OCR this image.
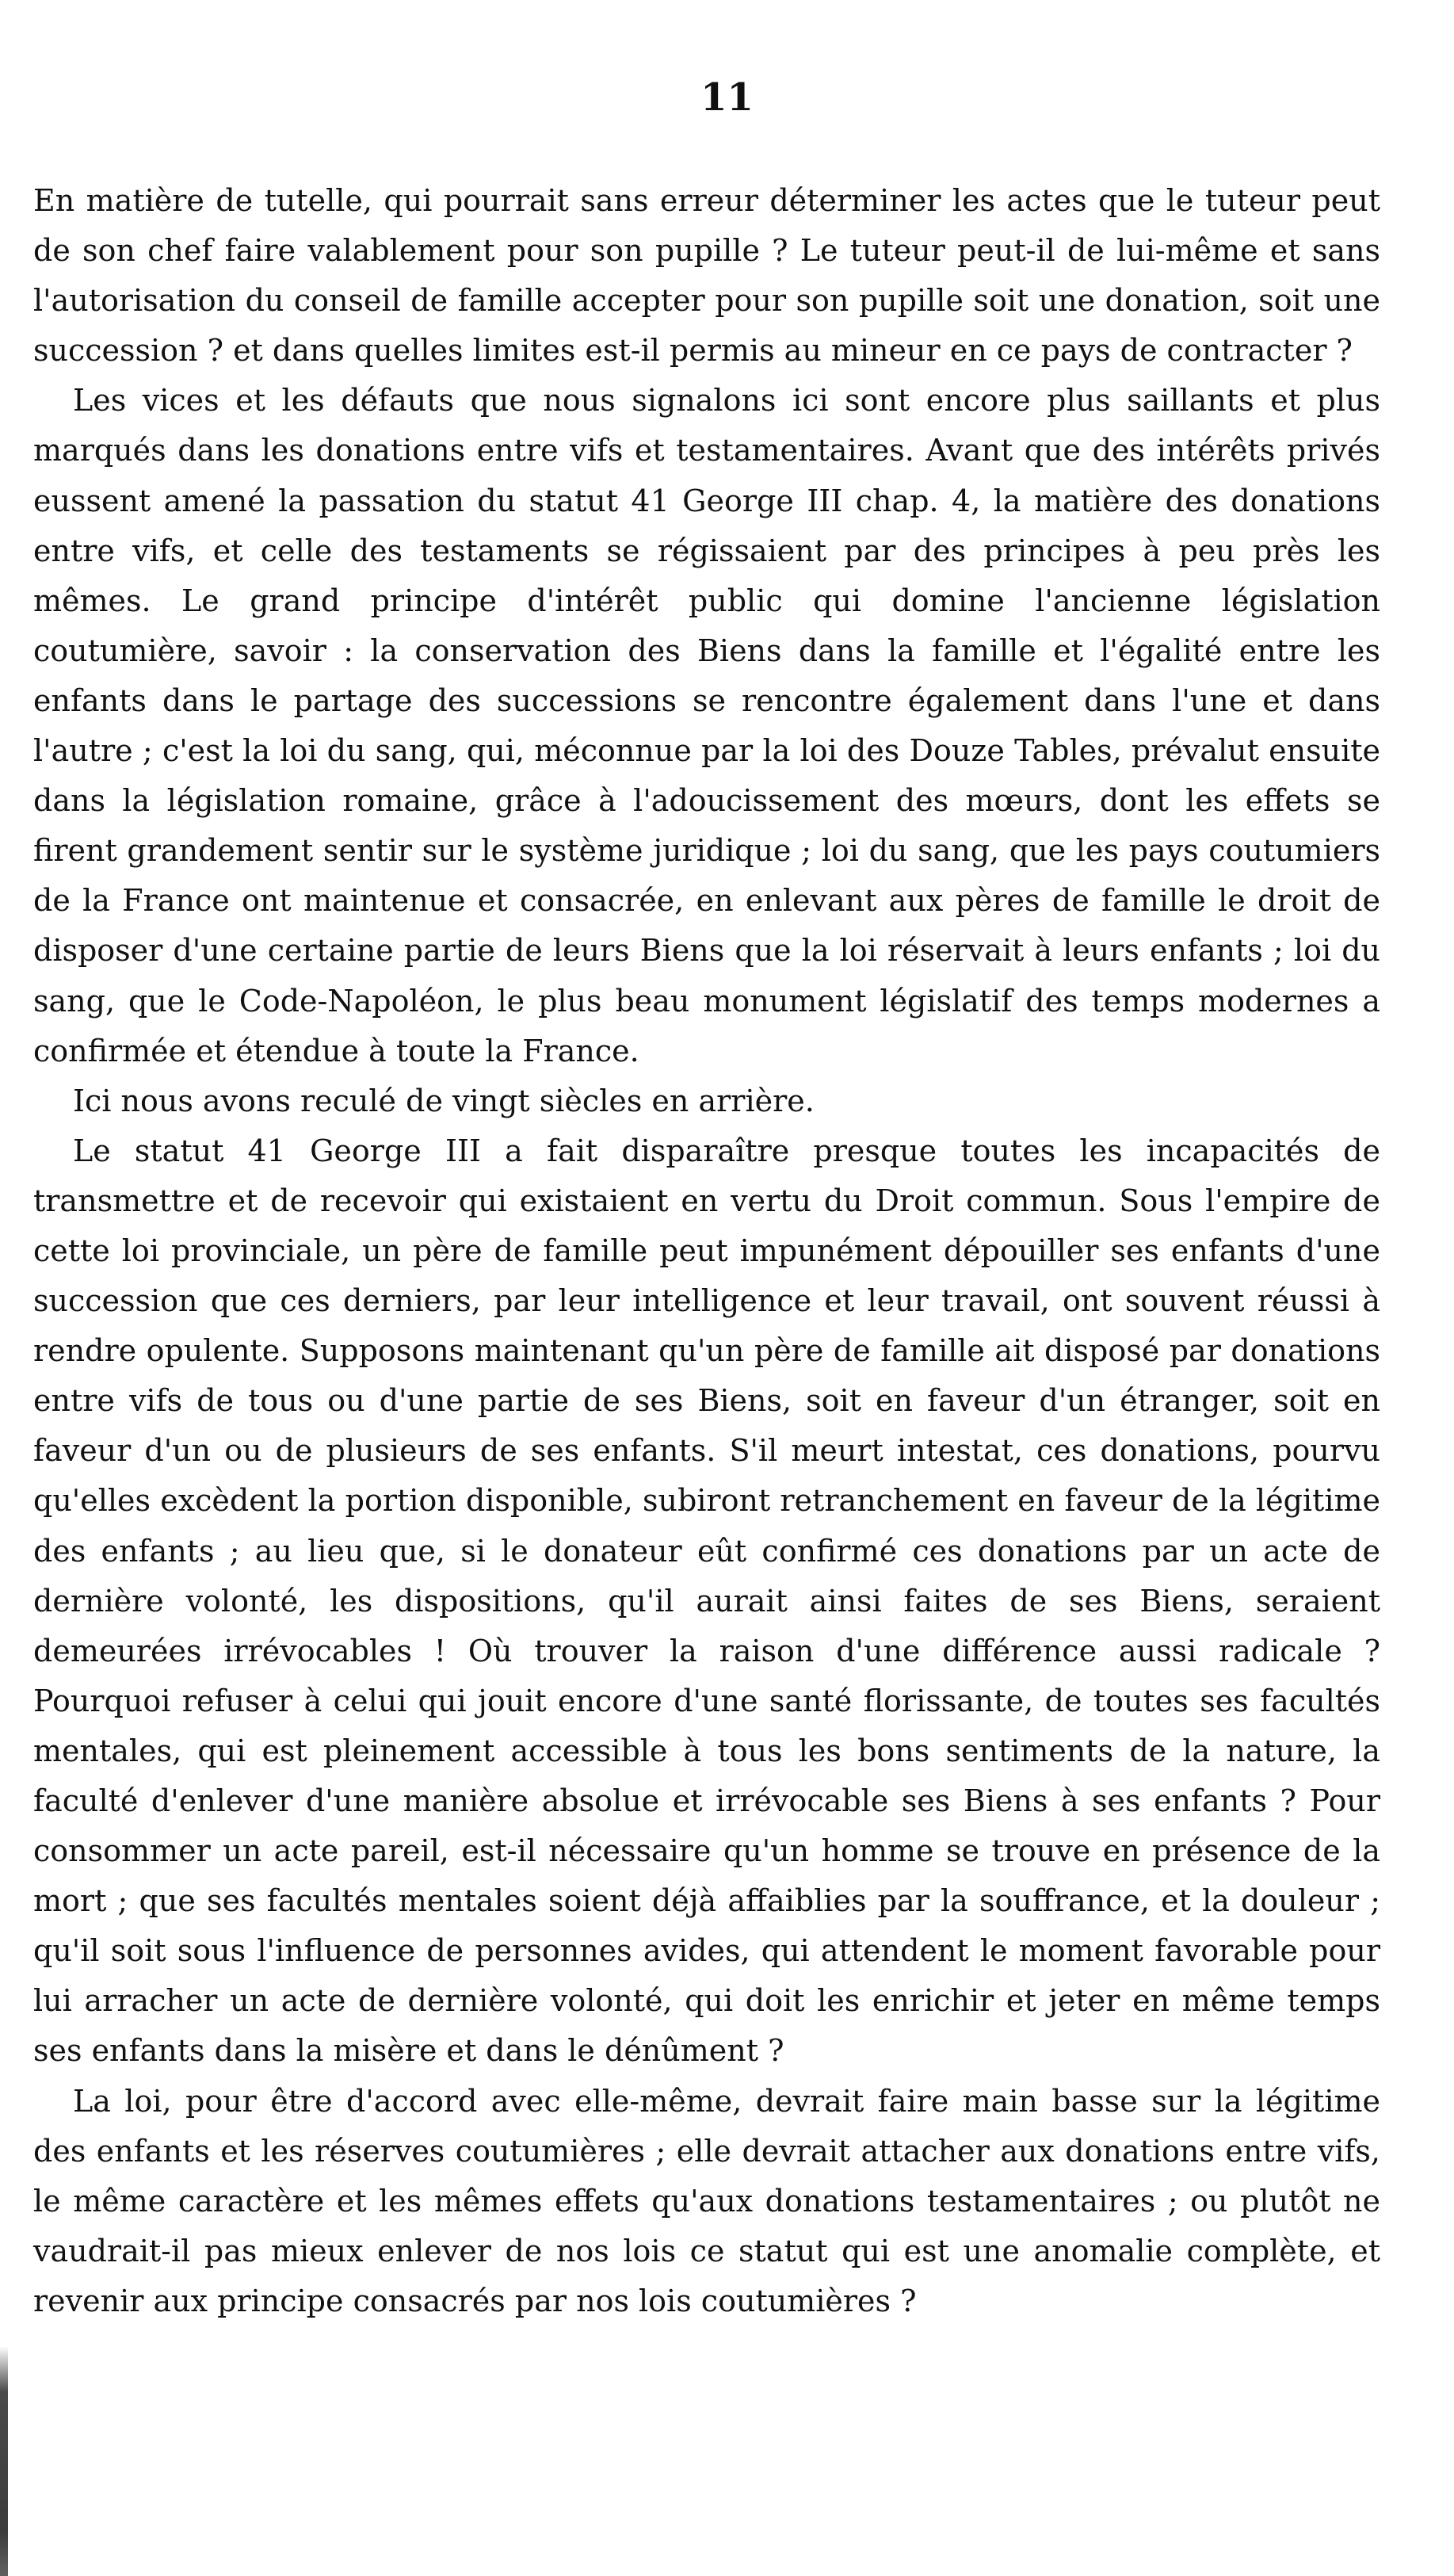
11

En matière de tutelle, qui pourrait sans erreur déterminer les actes que le tuteur peut de son chef faire valablement pour son pupille ? Le tuteur peut-il de lui-même et sans l'autorisation du conseil de famille accepter pour son pupille soit une donation, soit une succession ? et dans quelles limites est-il permis au mineur en ce pays de contracter ?

Les vices et les défauts que nous signalons ici sont encore plus saillants et plus marqués dans les donations entre vifs et testamentaires. Avant que des intérêts privés eussent amené la passation du statut 41 George III chap. 4, la matière des donations entre vifs, et celle des testaments se régissaient par des principes à peu près les mêmes. Le grand principe d'intérêt public qui domine l'ancienne législation coutumière, savoir : la conservation des Biens dans la famille et l'égalité entre les enfants dans le partage des successions se rencontre également dans l'une et dans l'autre ; c'est la loi du sang, qui, méconnue par la loi des Douze Tables, prévalut ensuite dans la législation romaine, grâce à l'adoucissement des mœurs, dont les effets se firent grandement sentir sur le système juridique ; loi du sang, que les pays coutumiers de la France ont maintenue et consacrée, en enlevant aux pères de famille le droit de disposer d'une certaine partie de leurs Biens que la loi réservait à leurs enfants ; loi du sang, que le Code-Napoléon, le plus beau monument législatif des temps modernes a confirmée et étendue à toute la France.

Ici nous avons reculé de vingt siècles en arrière.

Le statut 41 George III a fait disparaître presque toutes les incapacités de transmettre et de recevoir qui existaient en vertu du Droit commun. Sous l'empire de cette loi provinciale, un père de famille peut impunément dépouiller ses enfants d'une succession que ces derniers, par leur intelligence et leur travail, ont souvent réussi à rendre opulente. Supposons maintenant qu'un père de famille ait disposé par donations entre vifs de tous ou d'une partie de ses Biens, soit en faveur d'un étranger, soit en faveur d'un ou de plusieurs de ses enfants. S'il meurt intestat, ces donations, pourvu qu'elles excèdent la portion disponible, subiront retranchement en faveur de la légitime des enfants ; au lieu que, si le donateur eût confirmé ces donations par un acte de dernière volonté, les dispositions, qu'il aurait ainsi faites de ses Biens, seraient demeurées irrévocables ! Où trouver la raison d'une différence aussi radicale ? Pourquoi refuser à celui qui jouit encore d'une santé florissante, de toutes ses facultés mentales, qui est pleinement accessible à tous les bons sentiments de la nature, la faculté d'enlever d'une manière absolue et irrévocable ses Biens à ses enfants ? Pour consommer un acte pareil, est-il nécessaire qu'un homme se trouve en présence de la mort ; que ses facultés mentales soient déjà affaiblies par la souffrance, et la douleur ; qu'il soit sous l'influence de personnes avides, qui attendent le moment favorable pour lui arracher un acte de dernière volonté, qui doit les enrichir et jeter en même temps ses enfants dans la misère et dans le dénûment ?

La loi, pour être d'accord avec elle-même, devrait faire main basse sur la légitime des enfants et les réserves coutumières ; elle devrait attacher aux donations entre vifs, le même caractère et les mêmes effets qu'aux donations testamentaires ; ou plutôt ne vaudrait-il pas mieux enlever de nos lois ce statut qui est une anomalie complète, et revenir aux principe consacrés par nos lois coutumières ?
